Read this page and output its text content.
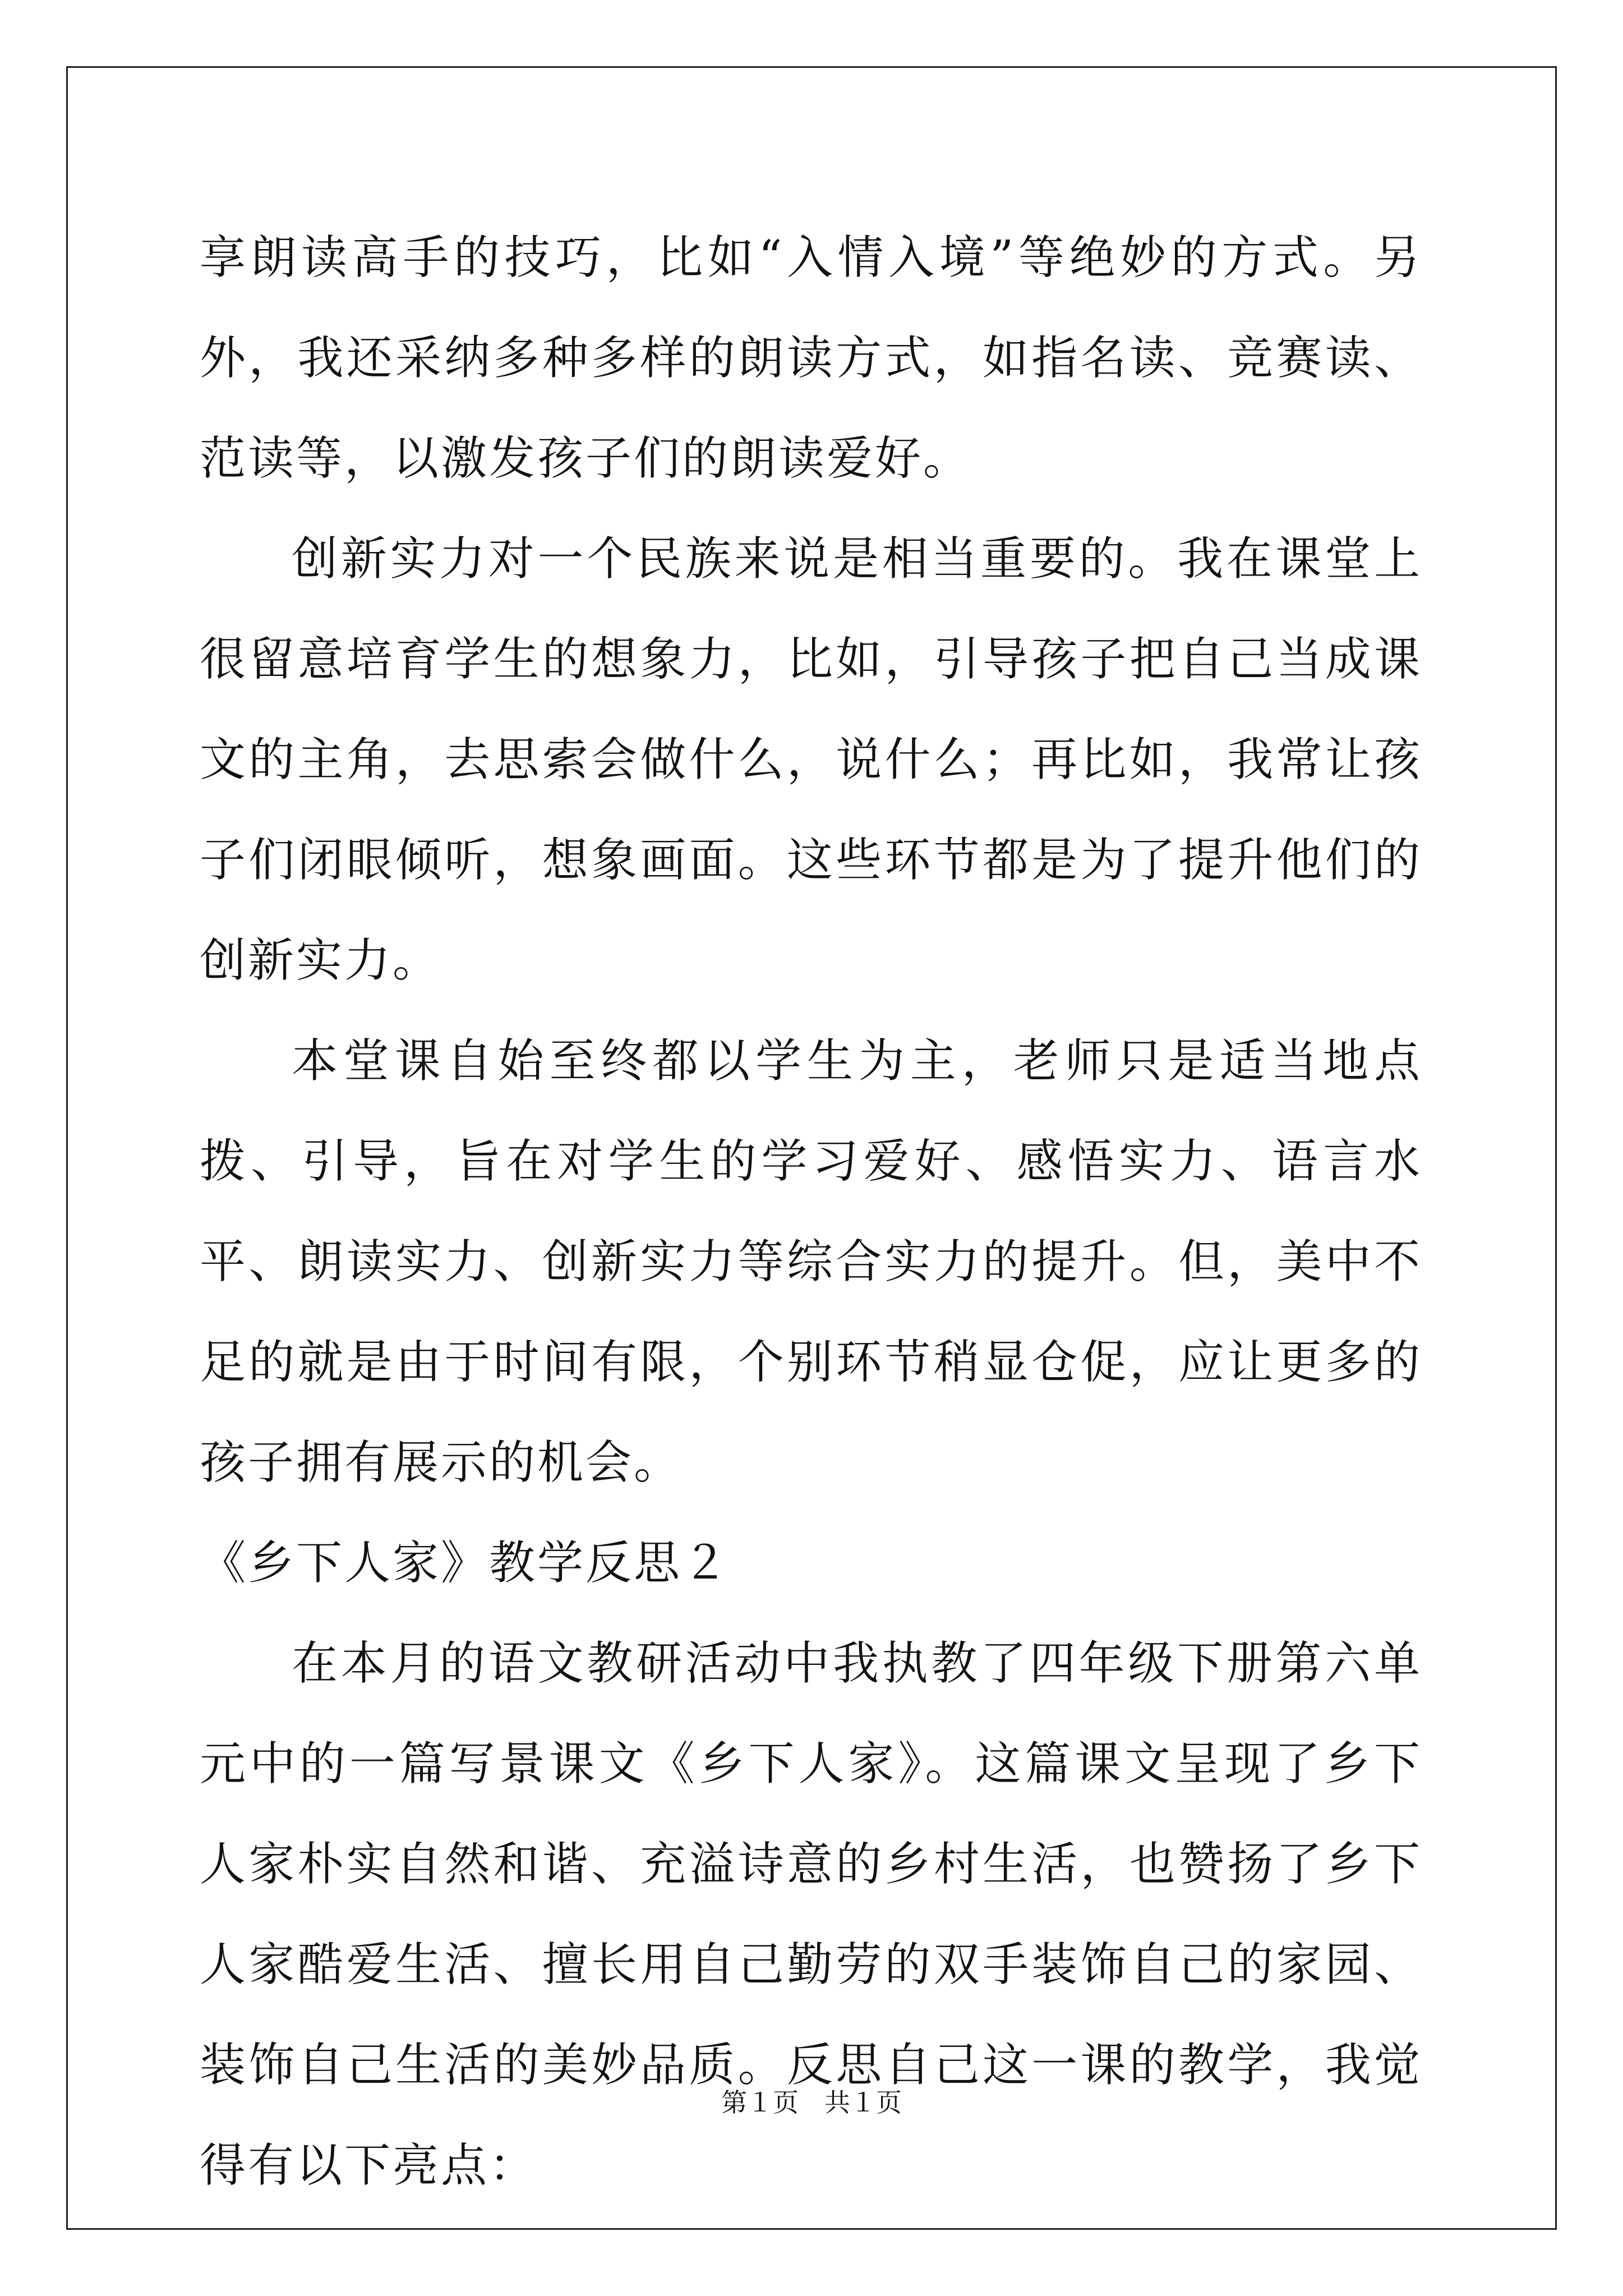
享朗读高手的技巧，比如“入情入境”等绝妙的方式。另外，我还采纳多种多样的朗读方式，如指名读、竞赛读、范读等，以激发孩子们的朗读爱好。

创新实力对一个民族来说是相当重要的。我在课堂上很留意培育学生的想象力，比如，引导孩子把自己当成课文的主角，去思索会做什么，说什么；再比如，我常让孩子们闭眼倾听，想象画面。这些环节都是为了提升他们的创新实力。

本堂课自始至终都以学生为主，老师只是适当地点拨、引导，旨在对学生的学习爱好、感悟实力、语言水平、朗读实力、创新实力等综合实力的提升。但，美中不足的就是由于时间有限，个别环节稍显仓促，应让更多的孩子拥有展示的机会。

《乡下人家》教学反思２

在本月的语文教研活动中我执教了四年级下册第六单元中的一篇写景课文《乡下人家》。这篇课文呈现了乡下人家朴实自然和谐、充溢诗意的乡村生活，也赞扬了乡下人家酷爱生活、擅长用自己勤劳的双手装饰自己的家园、装饰自己生活的美妙品质。反思自己这一课的教学，我觉得有以下亮点：

第１页　共１页
